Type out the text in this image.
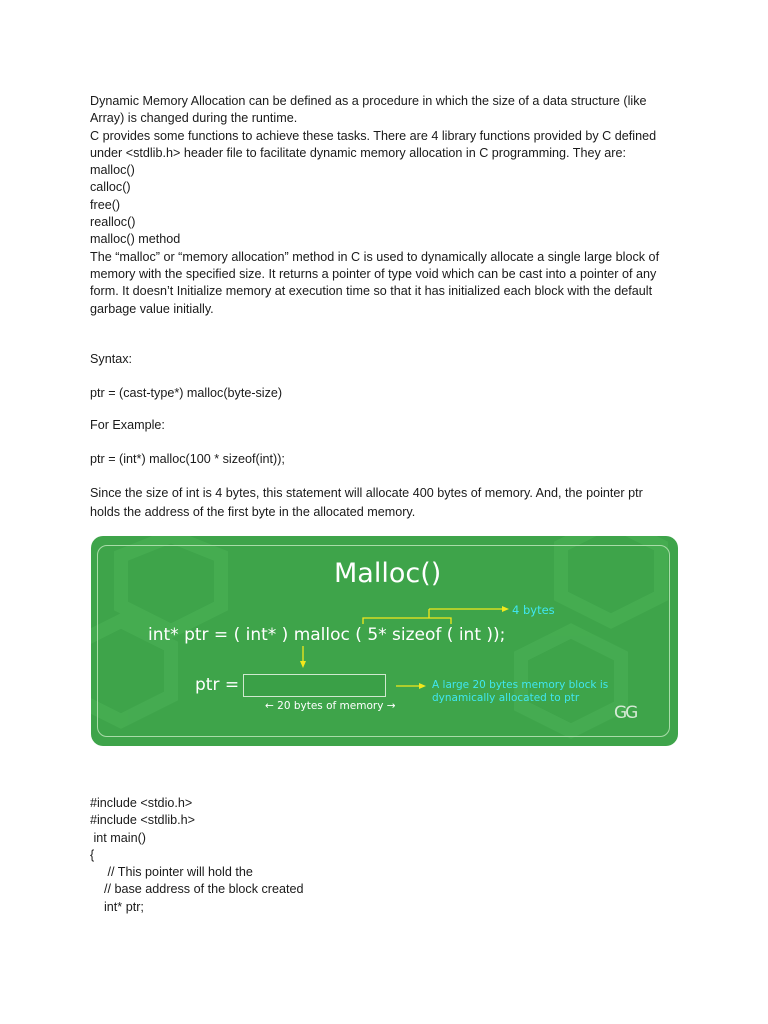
Dynamic Memory Allocation can be defined as a procedure in which the size of a data structure (like
Array) is changed during the runtime.
C provides some functions to achieve these tasks. There are 4 library functions provided by C defined
under <stdlib.h> header file to facilitate dynamic memory allocation in C programming. They are:
malloc()
calloc()
free()
realloc()
malloc() method
The “malloc” or “memory allocation” method in C is used to dynamically allocate a single large block of
memory with the specified size. It returns a pointer of type void which can be cast into a pointer of any
form. It doesn’t Initialize memory at execution time so that it has initialized each block with the default
garbage value initially.
Syntax:
ptr = (cast-type*) malloc(byte-size)
For Example:
ptr = (int*) malloc(100 * sizeof(int));
Since the size of int is 4 bytes, this statement will allocate 400 bytes of memory. And, the pointer ptr
holds the address of the first byte in the allocated memory.
Malloc()
4 bytes
int* ptr = ( int* ) malloc ( 5* sizeof ( int ));
ptr =
← 20 bytes of memory →
A large 20 bytes memory block is dynamically allocated to ptr
GG
#include <stdio.h>
#include <stdlib.h>
int main()
{
// This pointer will hold the
// base address of the block created
int* ptr;
